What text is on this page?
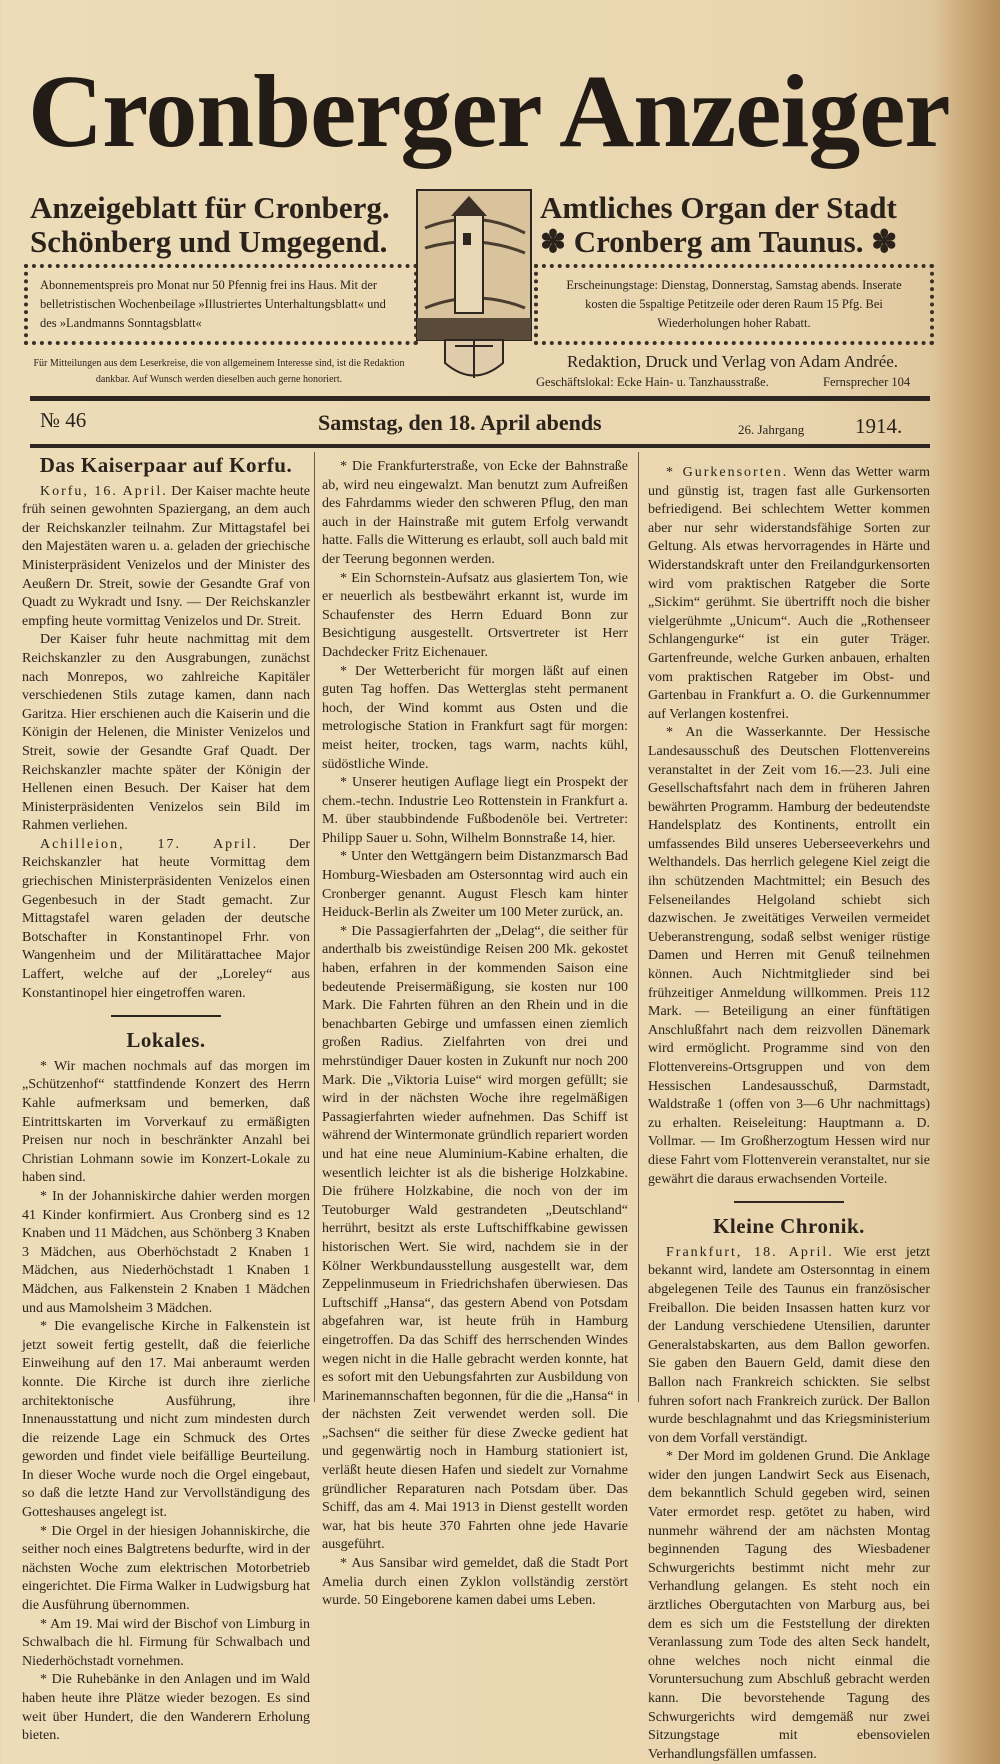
Cronberger Anzeiger
Anzeigeblatt für Cronberg.
Schönberg und Umgegend.
Amtliches Organ der Stadt
✽ Cronberg am Taunus. ✽
Abonnementspreis pro Monat nur 50 Pfennig frei ins Haus. Mit der belletristischen Wochenbeilage »Illustriertes Unterhaltungsblatt« und des »Landmanns Sonntagsblatt«
Für Mitteilungen aus dem Leserkreise, die von allgemeinem Interesse sind, ist die Redaktion dankbar. Auf Wunsch werden dieselben auch gerne honoriert.
Erscheinungstage: Dienstag, Donnerstag, Samstag abends. Inserate kosten die 5spaltige Petitzeile oder deren Raum 15 Pfg. Bei Wiederholungen hoher Rabatt.
Redaktion, Druck und Verlag von Adam Andrée.
Geschäftslokal: Ecke Hain- u. Tanzhausstraße.	Fernsprecher 104
№ 46	Samstag, den 18. April abends	26. Jahrgang 1914.
Das Kaiserpaar auf Korfu.

Korfu, 16. April. Der Kaiser machte heute früh seinen gewohnten Spaziergang, an dem auch der Reichskanzler teilnahm. Zur Mittagstafel bei den Majestäten waren u. a. geladen der griechische Ministerpräsident Venizelos und der Minister des Aeußern Dr. Streit, sowie der Gesandte Graf von Quadt zu Wykradt und Isny. — Der Reichskanzler empfing heute vormittag Venizelos und Dr. Streit.

Der Kaiser fuhr heute nachmittag mit dem Reichskanzler zu den Ausgrabungen, zunächst nach Monrepos, wo zahlreiche Kapitäler verschiedenen Stils zutage kamen, dann nach Garitza. Hier erschienen auch die Kaiserin und die Königin der Helenen, die Minister Venizelos und Streit, sowie der Gesandte Graf Quadt. Der Reichskanzler machte später der Königin der Hellenen einen Besuch. Der Kaiser hat dem Ministerpräsidenten Venizelos sein Bild im Rahmen verliehen.

Achilleion, 17. April. Der Reichskanzler hat heute Vormittag dem griechischen Ministerpräsidenten Venizelos einen Gegenbesuch in der Stadt gemacht. Zur Mittagstafel waren geladen der deutsche Botschafter in Konstantinopel Frhr. von Wangenheim und der Militärattachee Major Laffert, welche auf der „Loreley“ aus Konstantinopel hier eingetroffen waren.

Lokales.

* Wir machen nochmals auf das morgen im „Schützenhof“ stattfindende Konzert des Herrn Kahle aufmerksam und bemerken, daß Eintrittskarten im Vorverkauf zu ermäßigten Preisen nur noch in beschränkter Anzahl bei Christian Lohmann sowie im Konzert-Lokale zu haben sind.

* In der Johanniskirche dahier werden morgen 41 Kinder konfirmiert. Aus Cronberg sind es 12 Knaben und 11 Mädchen, aus Schönberg 3 Knaben 3 Mädchen, aus Oberhöchstadt 2 Knaben 1 Mädchen, aus Niederhöchstadt 1 Knaben 1 Mädchen, aus Falkenstein 2 Knaben 1 Mädchen und aus Mamolsheim 3 Mädchen.

* Die evangelische Kirche in Falkenstein ist jetzt soweit fertig gestellt, daß die feierliche Einweihung auf den 17. Mai anberaumt werden konnte. Die Kirche ist durch ihre zierliche architektonische Ausführung, ihre Innenausstattung und nicht zum mindesten durch die reizende Lage ein Schmuck des Ortes geworden und findet viele beifällige Beurteilung. In dieser Woche wurde noch die Orgel eingebaut, so daß die letzte Hand zur Vervollständigung des Gotteshauses angelegt ist.

* Die Orgel in der hiesigen Johanniskirche, die seither noch eines Balgtretens bedurfte, wird in der nächsten Woche zum elektrischen Motorbetrieb eingerichtet. Die Firma Walker in Ludwigsburg hat die Ausführung übernommen.

* Am 19. Mai wird der Bischof von Limburg in Schwalbach die hl. Firmung für Schwalbach und Niederhöchstadt vornehmen.

* Die Ruhebänke in den Anlagen und im Wald haben heute ihre Plätze wieder bezogen. Es sind weit über Hundert, die den Wanderern Erholung bieten.

* Die Frankfurterstraße, von Ecke der Bahnstraße ab, wird neu eingewalzt. Man benutzt zum Aufreißen des Fahrdamms wieder den schweren Pflug, den man auch in der Hainstraße mit gutem Erfolg verwandt hatte. Falls die Witterung es erlaubt, soll auch bald mit der Teerung begonnen werden.

* Ein Schornstein-Aufsatz aus glasiertem Ton, wie er neuerlich als bestbewährt erkannt ist, wurde im Schaufenster des Herrn Eduard Bonn zur Besichtigung ausgestellt. Ortsvertreter ist Herr Dachdecker Fritz Eichenauer.

* Der Wetterbericht für morgen läßt auf einen guten Tag hoffen. Das Wetterglas steht permanent hoch, der Wind kommt aus Osten und die metrologische Station in Frankfurt sagt für morgen: meist heiter, trocken, tags warm, nachts kühl, südöstliche Winde.

* Unserer heutigen Auflage liegt ein Prospekt der chem.-techn. Industrie Leo Rottenstein in Frankfurt a. M. über staubbindende Fußbodenöle bei. Vertreter: Philipp Sauer u. Sohn, Wilhelm Bonnstraße 14, hier.

* Unter den Wettgängern beim Distanzmarsch Bad Homburg-Wiesbaden am Ostersonntag wird auch ein Cronberger genannt. August Flesch kam hinter Heiduck-Berlin als Zweiter um 100 Meter zurück, an.

* Die Passagierfahrten der „Delag“, die seither für anderthalb bis zweistündige Reisen 200 Mk. gekostet haben, erfahren in der kommenden Saison eine bedeutende Preisermäßigung, sie kosten nur 100 Mark. Die Fahrten führen an den Rhein und in die benachbarten Gebirge und umfassen einen ziemlich großen Radius. Zielfahrten von drei und mehrstündiger Dauer kosten in Zukunft nur noch 200 Mark. Die „Viktoria Luise“ wird morgen gefüllt; sie wird in der nächsten Woche ihre regelmäßigen Passagierfahrten wieder aufnehmen. Das Schiff ist während der Wintermonate gründlich repariert worden und hat eine neue Aluminium-Kabine erhalten, die wesentlich leichter ist als die bisherige Holzkabine. Die frühere Holzkabine, die noch von der im Teutoburger Wald gestrandeten „Deutschland“ herrührt, besitzt als erste Luftschiffkabine gewissen historischen Wert. Sie wird, nachdem sie in der Kölner Werkbundausstellung ausgestellt war, dem Zeppelinmuseum in Friedrichshafen überwiesen. Das Luftschiff „Hansa“, das gestern Abend von Potsdam abgefahren war, ist heute früh in Hamburg eingetroffen. Da das Schiff des herrschenden Windes wegen nicht in die Halle gebracht werden konnte, hat es sofort mit den Uebungsfahrten zur Ausbildung von Marinemannschaften begonnen, für die die „Hansa“ in der nächsten Zeit verwendet werden soll. Die „Sachsen“ die seither für diese Zwecke gedient hat und gegenwärtig noch in Hamburg stationiert ist, verläßt heute diesen Hafen und siedelt zur Vornahme gründlicher Reparaturen nach Potsdam über. Das Schiff, das am 4. Mai 1913 in Dienst gestellt worden war, hat bis heute 370 Fahrten ohne jede Havarie ausgeführt.

* Aus Sansibar wird gemeldet, daß die Stadt Port Amelia durch einen Zyklon vollständig zerstört wurde. 50 Eingeborene kamen dabei ums Leben.

* Gurkensorten. Wenn das Wetter warm und günstig ist, tragen fast alle Gurkensorten befriedigend. Bei schlechtem Wetter kommen aber nur sehr widerstandsfähige Sorten zur Geltung. Als etwas hervorragendes in Härte und Widerstandskraft unter den Freilandgurkensorten wird vom praktischen Ratgeber die Sorte „Sickim“ gerühmt. Sie übertrifft noch die bisher vielgerühmte „Unicum“. Auch die „Rothenseer Schlangengurke“ ist ein guter Träger. Gartenfreunde, welche Gurken anbauen, erhalten vom praktischen Ratgeber im Obst- und Gartenbau in Frankfurt a. O. die Gurkennummer auf Verlangen kostenfrei.

* An die Wasserkannte. Der Hessische Landesausschuß des Deutschen Flottenvereins veranstaltet in der Zeit vom 16.—23. Juli eine Gesellschaftsfahrt nach dem in früheren Jahren bewährten Programm. Hamburg der bedeutendste Handelsplatz des Kontinents, entrollt ein umfassendes Bild unseres Ueberseeverkehrs und Welthandels. Das herrlich gelegene Kiel zeigt die ihn schützenden Machtmittel; ein Besuch des Felseneilandes Helgoland schiebt sich dazwischen. Je zweitätiges Verweilen vermeidet Ueberanstrengung, sodaß selbst weniger rüstige Damen und Herren mit Genuß teilnehmen können. Auch Nichtmitglieder sind bei frühzeitiger Anmeldung willkommen. Preis 112 Mark. — Beteiligung an einer fünftätigen Anschlußfahrt nach dem reizvollen Dänemark wird ermöglicht. Programme sind von den Flottenvereins-Ortsgruppen und von dem Hessischen Landesausschuß, Darmstadt, Waldstraße 1 (offen von 3—6 Uhr nachmittags) zu erhalten. Reiseleitung: Hauptmann a. D. Vollmar. — Im Großherzogtum Hessen wird nur diese Fahrt vom Flottenverein veranstaltet, nur sie gewährt die daraus erwachsenden Vorteile.

Kleine Chronik.

Frankfurt, 18. April. Wie erst jetzt bekannt wird, landete am Ostersonntag in einem abgelegenen Teile des Taunus ein französischer Freiballon. Die beiden Insassen hatten kurz vor der Landung verschiedene Utensilien, darunter Generalstabskarten, aus dem Ballon geworfen. Sie gaben den Bauern Geld, damit diese den Ballon nach Frankreich schickten. Sie selbst fuhren sofort nach Frankreich zurück. Der Ballon wurde beschlagnahmt und das Kriegsministerium von dem Vorfall verständigt.

* Der Mord im goldenen Grund. Die Anklage wider den jungen Landwirt Seck aus Eisenach, dem bekanntlich Schuld gegeben wird, seinen Vater ermordet resp. getötet zu haben, wird nunmehr während der am nächsten Montag beginnenden Tagung des Wiesbadener Schwurgerichts bestimmt nicht mehr zur Verhandlung gelangen. Es steht noch ein ärztliches Obergutachten von Marburg aus, bei dem es sich um die Feststellung der direkten Veranlassung zum Tode des alten Seck handelt, ohne welches noch nicht einmal die Voruntersuchung zum Abschluß gebracht werden kann. Die bevorstehende Tagung des Schwurgerichts wird demgemäß nur zwei Sitzungstage mit ebensovielen Verhandlungsfällen umfassen.
